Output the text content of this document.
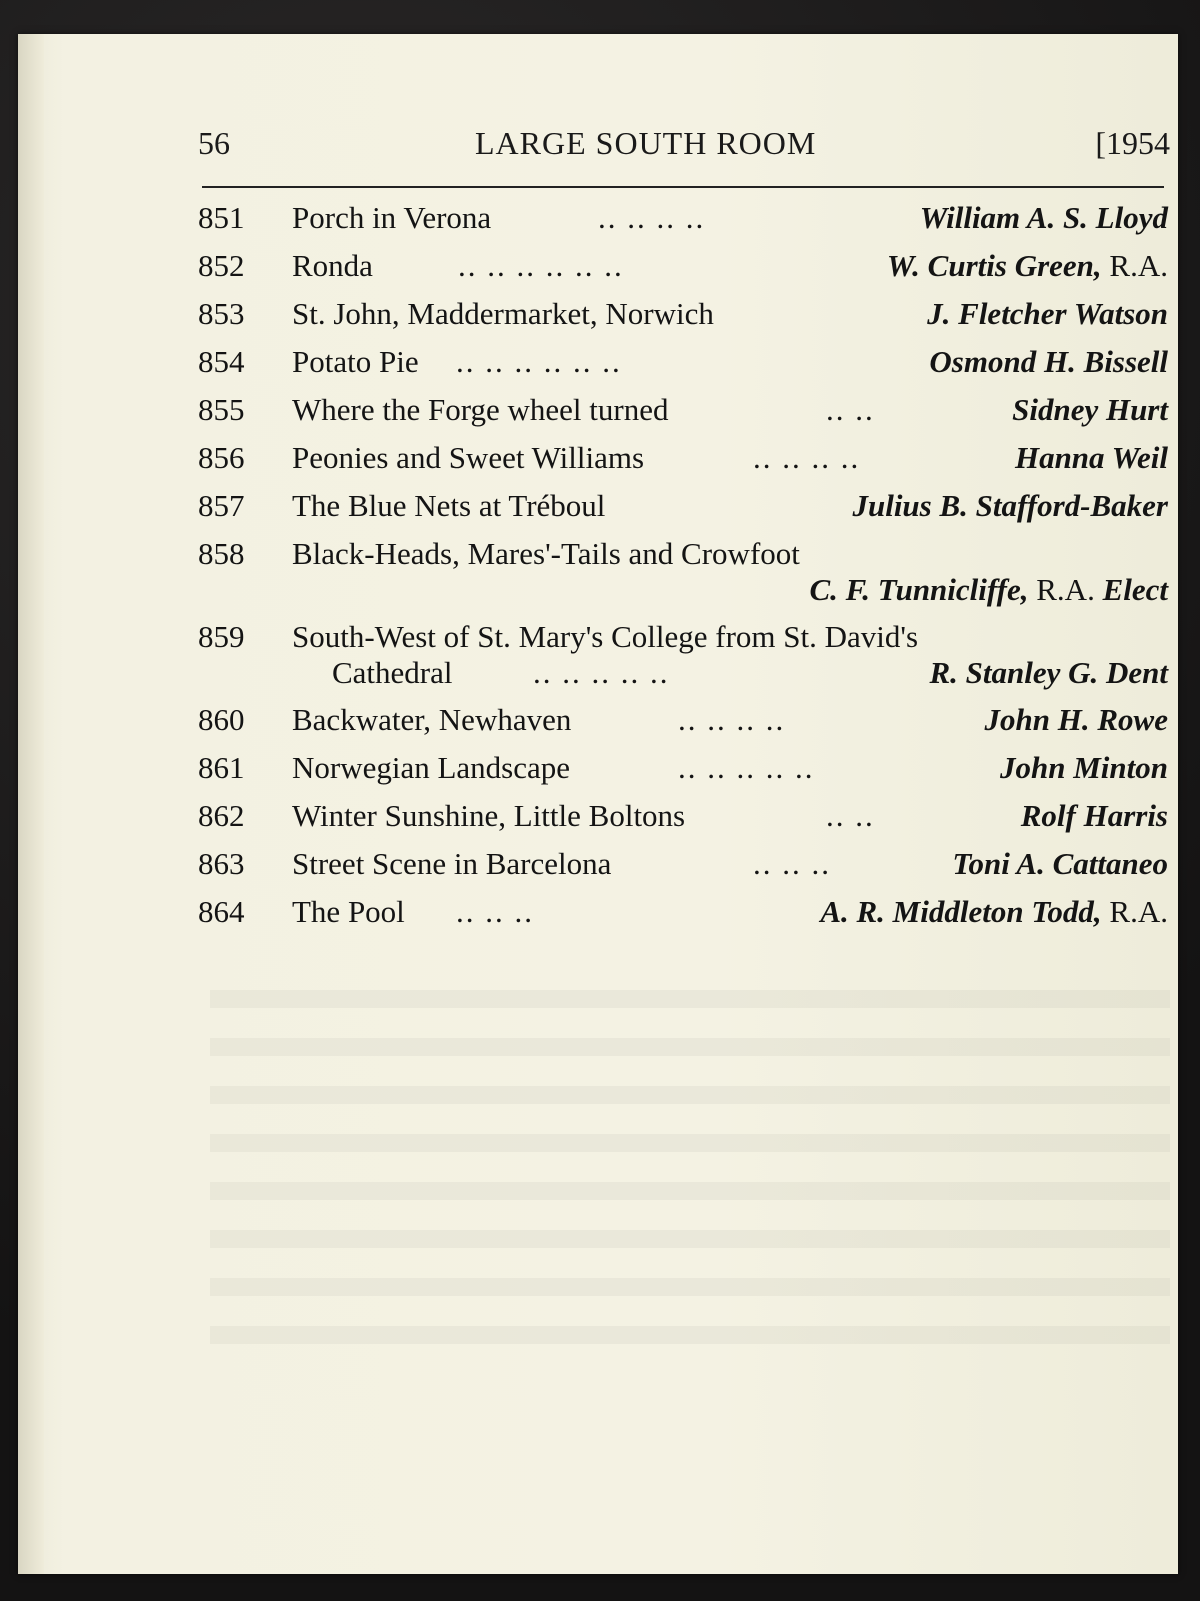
56	LARGE SOUTH ROOM	[1954
851 Porch in Verona	.. .. .. ..	William A. S. Lloyd
852 Ronda	.. .. .. .. .. ..	W. Curtis Green, R.A.
853 St. John, Maddermarket, Norwich	J. Fletcher Watson
854 Potato Pie .. .. .. .. .. ..	Osmond H. Bissell
855 Where the Forge wheel turned	.. ..	Sidney Hurt
856 Peonies and Sweet Williams	.. .. .. ..	Hanna Weil
857 The Blue Nets at Tréboul	Julius B. Stafford-Baker
858 Black-Heads, Mares'-Tails and Crowfoot
C. F. Tunnicliffe, R.A. Elect
859 South-West of St. Mary's College from St. David's
Cathedral	.. .. .. .. ..	R. Stanley G. Dent
860 Backwater, Newhaven	.. .. .. ..	John H. Rowe
861 Norwegian Landscape	.. .. .. .. ..	John Minton
862 Winter Sunshine, Little Boltons	.. ..	Rolf Harris
863 Street Scene in Barcelona	.. .. ..	Toni A. Cattaneo
864 The Pool .. .. ..	A. R. Middleton Todd, R.A.
